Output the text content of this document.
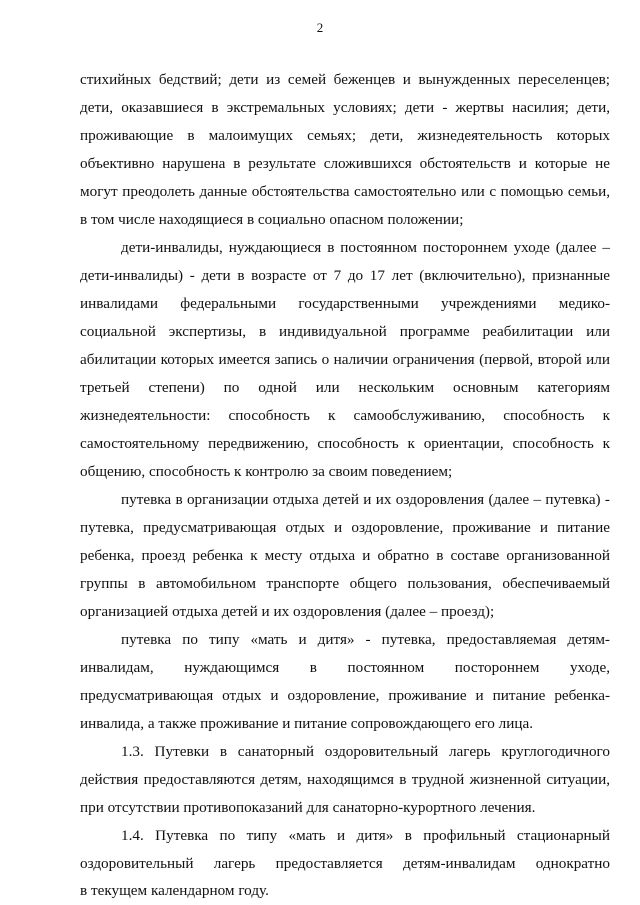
2
стихийных бедствий; дети из семей беженцев и вынужденных переселенцев;
дети, оказавшиеся в экстремальных условиях; дети - жертвы насилия; дети,
проживающие в малоимущих семьях; дети, жизнедеятельность которых
объективно нарушена в результате сложившихся обстоятельств и которые не
могут преодолеть данные обстоятельства самостоятельно или с помощью семьи,
в том числе находящиеся в социально опасном положении;
дети-инвалиды, нуждающиеся в постоянном постороннем уходе (далее –
дети-инвалиды) - дети в возрасте от 7 до 17 лет (включительно), признанные
инвалидами федеральными государственными учреждениями медико-
социальной экспертизы, в индивидуальной программе реабилитации или
абилитации которых имеется запись о наличии ограничения (первой, второй или
третьей степени) по одной или нескольким основным категориям
жизнедеятельности: способность к самообслуживанию, способность к
самостоятельному передвижению, способность к ориентации, способность к
общению, способность к контролю за своим поведением;
путевка в организации отдыха детей и их оздоровления (далее – путевка) -
путевка, предусматривающая отдых и оздоровление, проживание и питание
ребенка, проезд ребенка к месту отдыха и обратно в составе организованной
группы в автомобильном транспорте общего пользования, обеспечиваемый
организацией отдыха детей и их оздоровления (далее – проезд);
путевка по типу «мать и дитя» - путевка, предоставляемая детям-
инвалидам, нуждающимся в постоянном постороннем уходе,
предусматривающая отдых и оздоровление, проживание и питание ребенка-
инвалида, а также проживание и питание сопровождающего его лица.
1.3. Путевки в санаторный оздоровительный лагерь круглогодичного
действия предоставляются детям, находящимся в трудной жизненной ситуации,
при отсутствии противопоказаний для санаторно-курортного лечения.
1.4. Путевка по типу «мать и дитя» в профильный стационарный
оздоровительный лагерь предоставляется детям-инвалидам однократно
в текущем календарном году.
